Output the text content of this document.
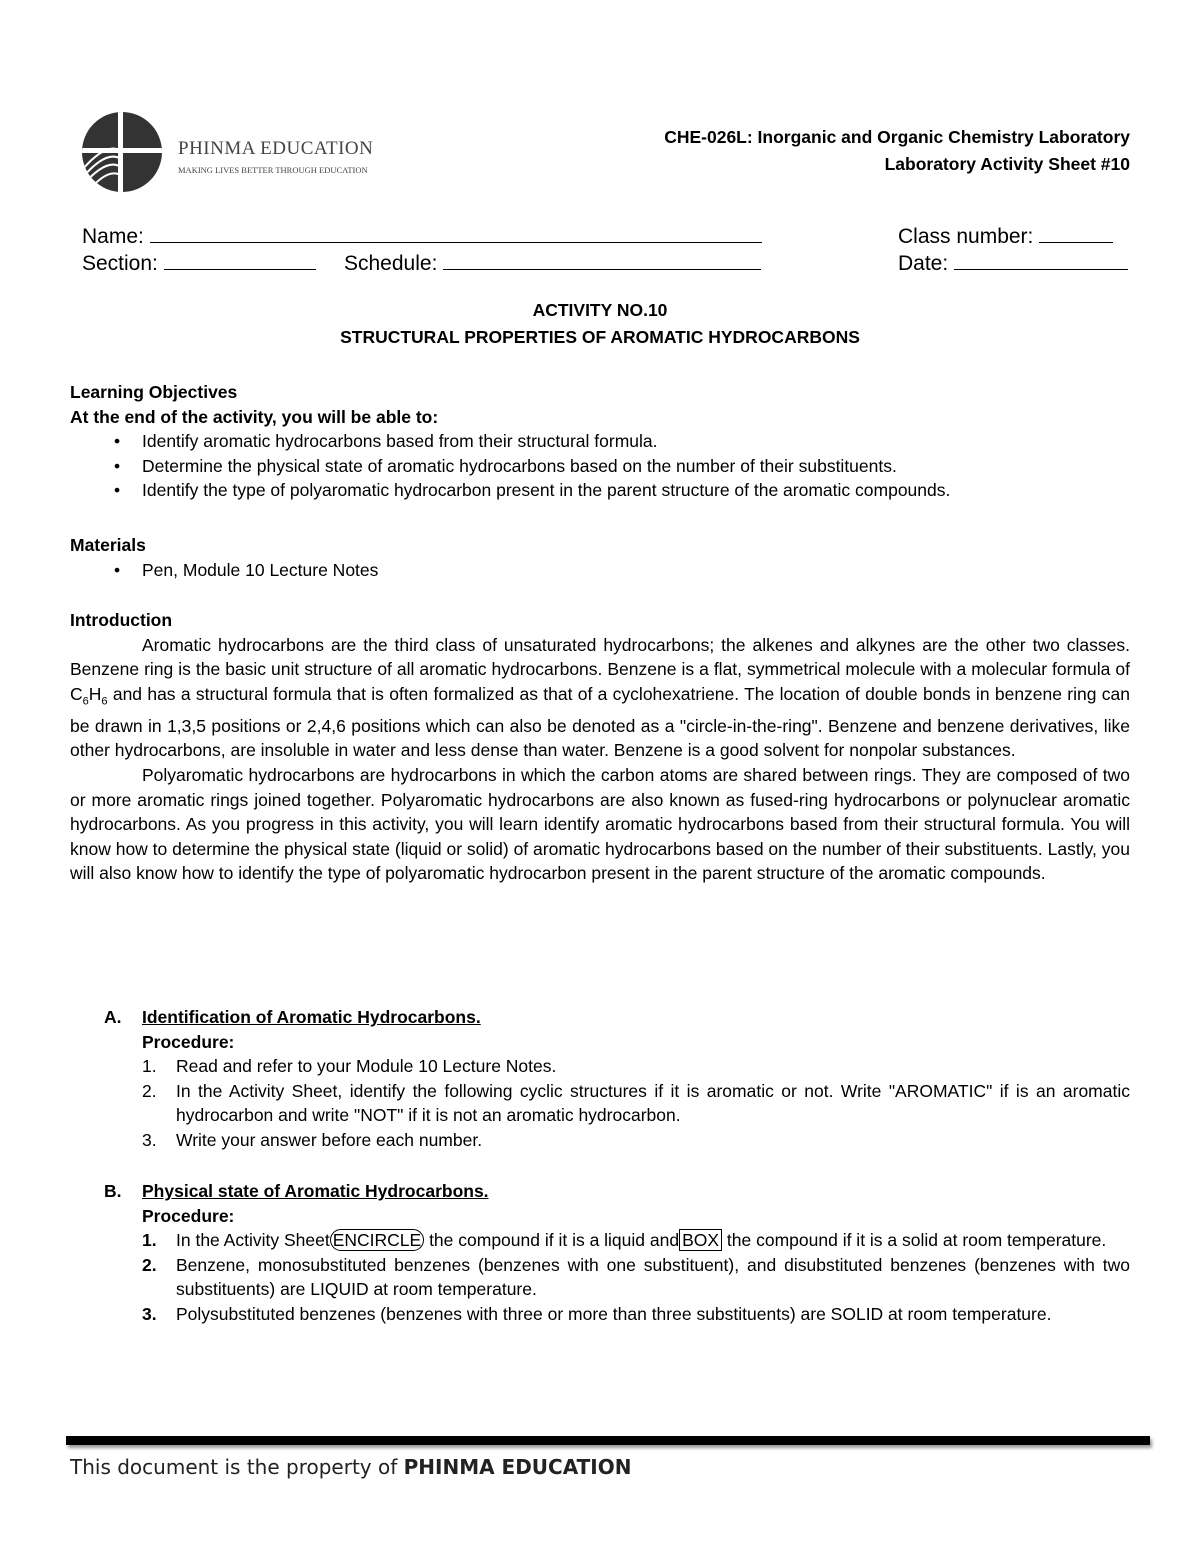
PHINMA EDUCATION
MAKING LIVES BETTER THROUGH EDUCATION
CHE-026L: Inorganic and Organic Chemistry Laboratory
Laboratory Activity Sheet #10
Name:	Class number:
Section:	Schedule:	Date:
ACTIVITY NO.10
STRUCTURAL PROPERTIES OF AROMATIC HYDROCARBONS
Learning Objectives
At the end of the activity, you will be able to:
• Identify aromatic hydrocarbons based from their structural formula.
• Determine the physical state of aromatic hydrocarbons based on the number of their substituents.
• Identify the type of polyaromatic hydrocarbon present in the parent structure of the aromatic compounds.
Materials
• Pen, Module 10 Lecture Notes
Introduction

Aromatic hydrocarbons are the third class of unsaturated hydrocarbons; the alkenes and alkynes are the other two classes. Benzene ring is the basic unit structure of all aromatic hydrocarbons. Benzene is a flat, symmetrical molecule with a molecular formula of $C_6H_6$ and has a structural formula that is often formalized as that of a cyclohexatriene. The location of double bonds in benzene ring can be drawn in 1,3,5 positions or 2,4,6 positions which can also be denoted as a "circle-in-the-ring". Benzene and benzene derivatives, like other hydrocarbons, are insoluble in water and less dense than water. Benzene is a good solvent for nonpolar substances.

Polyaromatic hydrocarbons are hydrocarbons in which the carbon atoms are shared between rings. They are composed of two or more aromatic rings joined together. Polyaromatic hydrocarbons are also known as fused-ring hydrocarbons or polynuclear aromatic hydrocarbons. As you progress in this activity, you will learn identify aromatic hydrocarbons based from their structural formula. You will know how to determine the physical state (liquid or solid) of aromatic hydrocarbons based on the number of their substituents. Lastly, you will also know how to identify the type of polyaromatic hydrocarbon present in the parent structure of the aromatic compounds.

A. Identification of Aromatic Hydrocarbons.
Procedure:
1. Read and refer to your Module 10 Lecture Notes.
2. In the Activity Sheet, identify the following cyclic structures if it is aromatic or not. Write "AROMATIC" if is an aromatic hydrocarbon and write "NOT" if it is not an aromatic hydrocarbon.
3. Write your answer before each number.
B. Physical state of Aromatic Hydrocarbons.
Procedure:
1. In the Activity Sheet ENCIRCLE the compound if it is a liquid and BOX the compound if it is a solid at room temperature.
2. Benzene, monosubstituted benzenes (benzenes with one substituent), and disubstituted benzenes (benzenes with two substituents) are LIQUID at room temperature.
3. Polysubstituted benzenes (benzenes with three or more than three substituents) are SOLID at room temperature.
This document is the property of PHINMA EDUCATION
